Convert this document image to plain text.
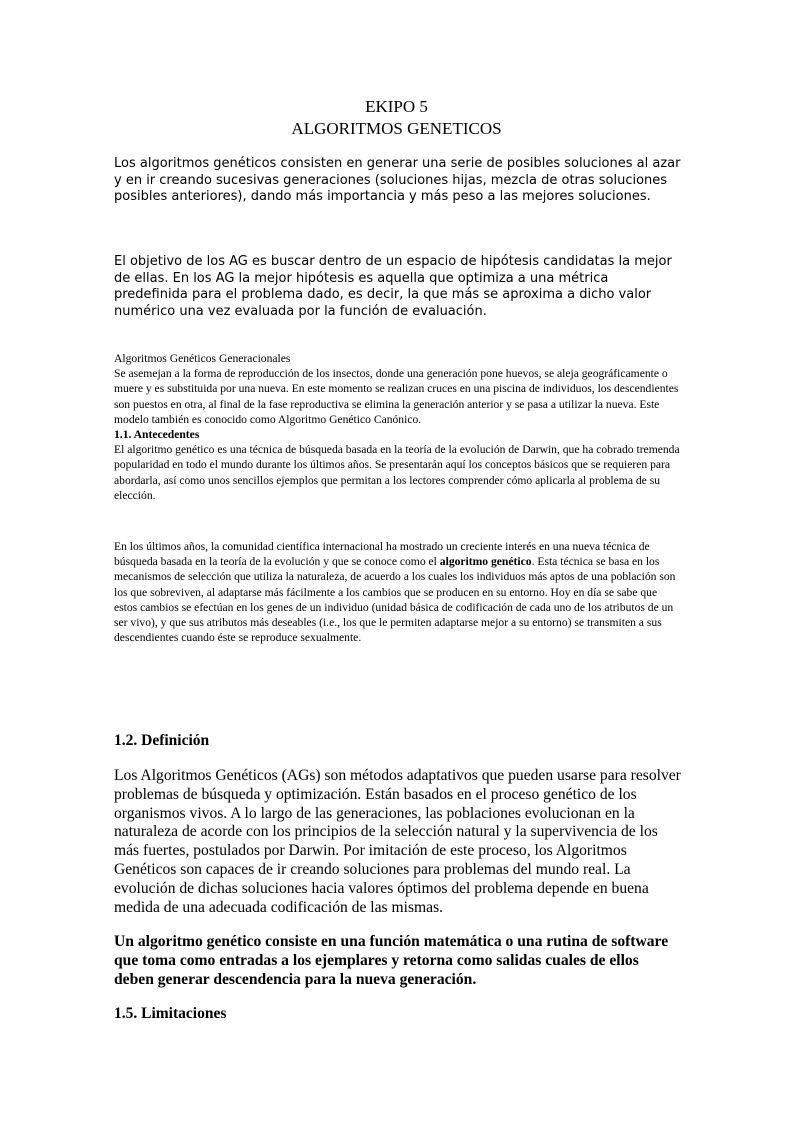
EKIPO 5
ALGORITMOS GENETICOS

Los algoritmos genéticos consisten en generar una serie de posibles soluciones al azar y en ir creando sucesivas generaciones (soluciones hijas, mezcla de otras soluciones posibles anteriores), dando más importancia y más peso a las mejores soluciones.

El objetivo de los AG es buscar dentro de un espacio de hipótesis candidatas la mejor de ellas. En los AG la mejor hipótesis es aquella que optimiza a una métrica predefinida para el problema dado, es decir, la que más se aproxima a dicho valor numérico una vez evaluada por la función de evaluación.

Algoritmos Genéticos Generacionales
Se asemejan a la forma de reproducción de los insectos, donde una generación pone huevos, se aleja geográficamente o muere y es substituida por una nueva. En este momento se realizan cruces en una piscina de individuos, los descendientes son puestos en otra, al final de la fase reproductiva se elimina la generación anterior y se pasa a utilizar la nueva. Este modelo también es conocido como Algoritmo Genético Canónico.
1.1. Antecedentes
El algoritmo genético es una técnica de búsqueda basada en la teoría de la evolución de Darwin, que ha cobrado tremenda popularidad en todo el mundo durante los últimos años. Se presentarán aquí los conceptos básicos que se requieren para abordarla, así como unos sencillos ejemplos que permitan a los lectores comprender cómo aplicarla al problema de su elección.

En los últimos años, la comunidad científica internacional ha mostrado un creciente interés en una nueva técnica de búsqueda basada en la teoría de la evolución y que se conoce como el algoritmo genético. Esta técnica se basa en los mecanismos de selección que utiliza la naturaleza, de acuerdo a los cuales los individuos más aptos de una población son los que sobreviven, al adaptarse más fácilmente a los cambios que se producen en su entorno. Hoy en día se sabe que estos cambios se efectúan en los genes de un individuo (unidad básica de codificación de cada uno de los atributos de un ser vivo), y que sus atributos más deseables (i.e., los que le permiten adaptarse mejor a su entorno) se transmiten a sus descendientes cuando éste se reproduce sexualmente.

1.2. Definición

Los Algoritmos Genéticos (AGs) son métodos adaptativos que pueden usarse para resolver problemas de búsqueda y optimización. Están basados en el proceso genético de los organismos vivos. A lo largo de las generaciones, las poblaciones evolucionan en la naturaleza de acorde con los principios de la selección natural y la supervivencia de los más fuertes, postulados por Darwin. Por imitación de este proceso, los Algoritmos Genéticos son capaces de ir creando soluciones para problemas del mundo real. La evolución de dichas soluciones hacia valores óptimos del problema depende en buena medida de una adecuada codificación de las mismas.

Un algoritmo genético consiste en una función matemática o una rutina de software que toma como entradas a los ejemplares y retorna como salidas cuales de ellos deben generar descendencia para la nueva generación.

1.5. Limitaciones
